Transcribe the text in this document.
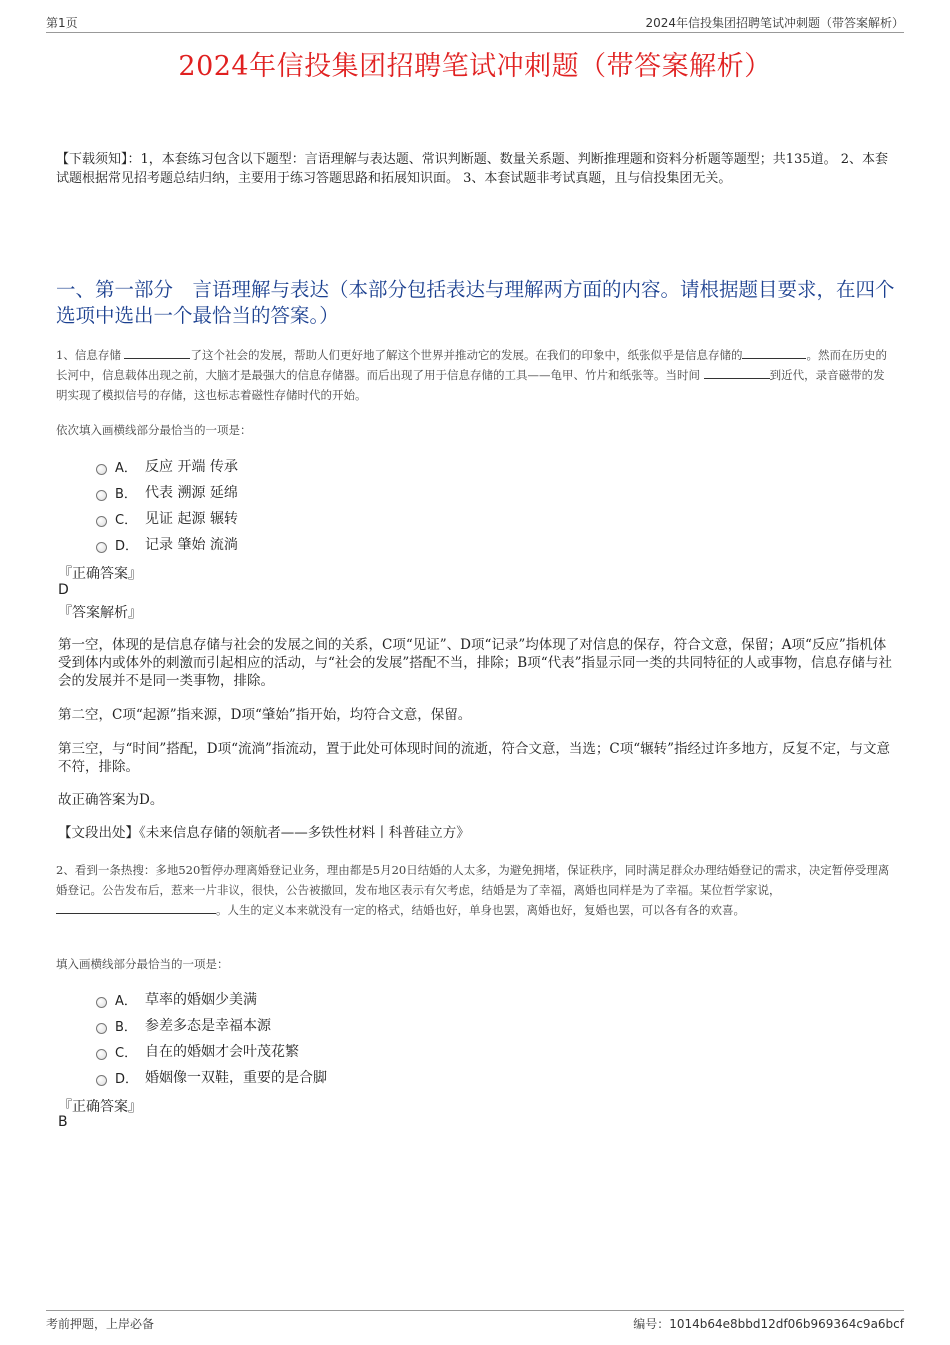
第1页	2024年信投集团招聘笔试冲刺题（带答案解析）
2024年信投集团招聘笔试冲刺题（带答案解析）
【下载须知】：1，本套练习包含以下题型：言语理解与表达题、常识判断题、数量关系题、判断推理题和资料分析题等题型；共135道。 2、本套试题根据常见招考题总结归纳，主要用于练习答题思路和拓展知识面。 3、本套试题非考试真题，且与信投集团无关。
一、第一部分　言语理解与表达（本部分包括表达与理解两方面的内容。请根据题目要求，在四个选项中选出一个最恰当的答案。）
1、信息存储	了这个社会的发展，帮助人们更好地了解这个世界并推动它的发展。在我们的印象中，纸张似乎是信息存储的	。然而在历史的长河中，信息载体出现之前，大脑才是最强大的信息存储器。而后出现了用于信息存储的工具——龟甲、竹片和纸张等。当时间	到近代，录音磁带的发明实现了模拟信号的存储，这也标志着磁性存储时代的开始。
依次填入画横线部分最恰当的一项是：
A． 反应 开端 传承
B． 代表 溯源 延绵
C． 见证 起源 辗转
D． 记录 肇始 流淌
『正确答案』
D
『答案解析』
第一空，体现的是信息存储与社会的发展之间的关系，C项“见证”、D项“记录”均体现了对信息的保存，符合文意，保留；A项“反应”指机体受到体内或体外的刺激而引起相应的活动，与“社会的发展”搭配不当，排除；B项“代表”指显示同一类的共同特征的人或事物，信息存储与社会的发展并不是同一类事物，排除。
第二空，C项“起源”指来源，D项“肇始”指开始，均符合文意，保留。
第三空，与“时间”搭配，D项“流淌”指流动，置于此处可体现时间的流逝，符合文意，当选；C项“辗转”指经过许多地方，反复不定，与文意不符，排除。
故正确答案为D。
【文段出处】《未来信息存储的领航者——多铁性材料丨科普硅立方》
2、看到一条热搜：多地520暂停办理离婚登记业务，理由都是5月20日结婚的人太多，为避免拥堵，保证秩序，同时满足群众办理结婚登记的需求，决定暂停受理离婚登记。公告发布后，惹来一片非议，很快，公告被撤回，发布地区表示有欠考虑，结婚是为了幸福，离婚也同样是为了幸福。某位哲学家说， 。人生的定义本来就没有一定的格式，结婚也好，单身也罢，离婚也好，复婚也罢，可以各有各的欢喜。
填入画横线部分最恰当的一项是：
A． 草率的婚姻少美满
B． 参差多态是幸福本源
C． 自在的婚姻才会叶茂花繁
D． 婚姻像一双鞋，重要的是合脚
『正确答案』
B
考前押题，上岸必备	编号：1014b64e8bbd12df06b969364c9a6bcf
